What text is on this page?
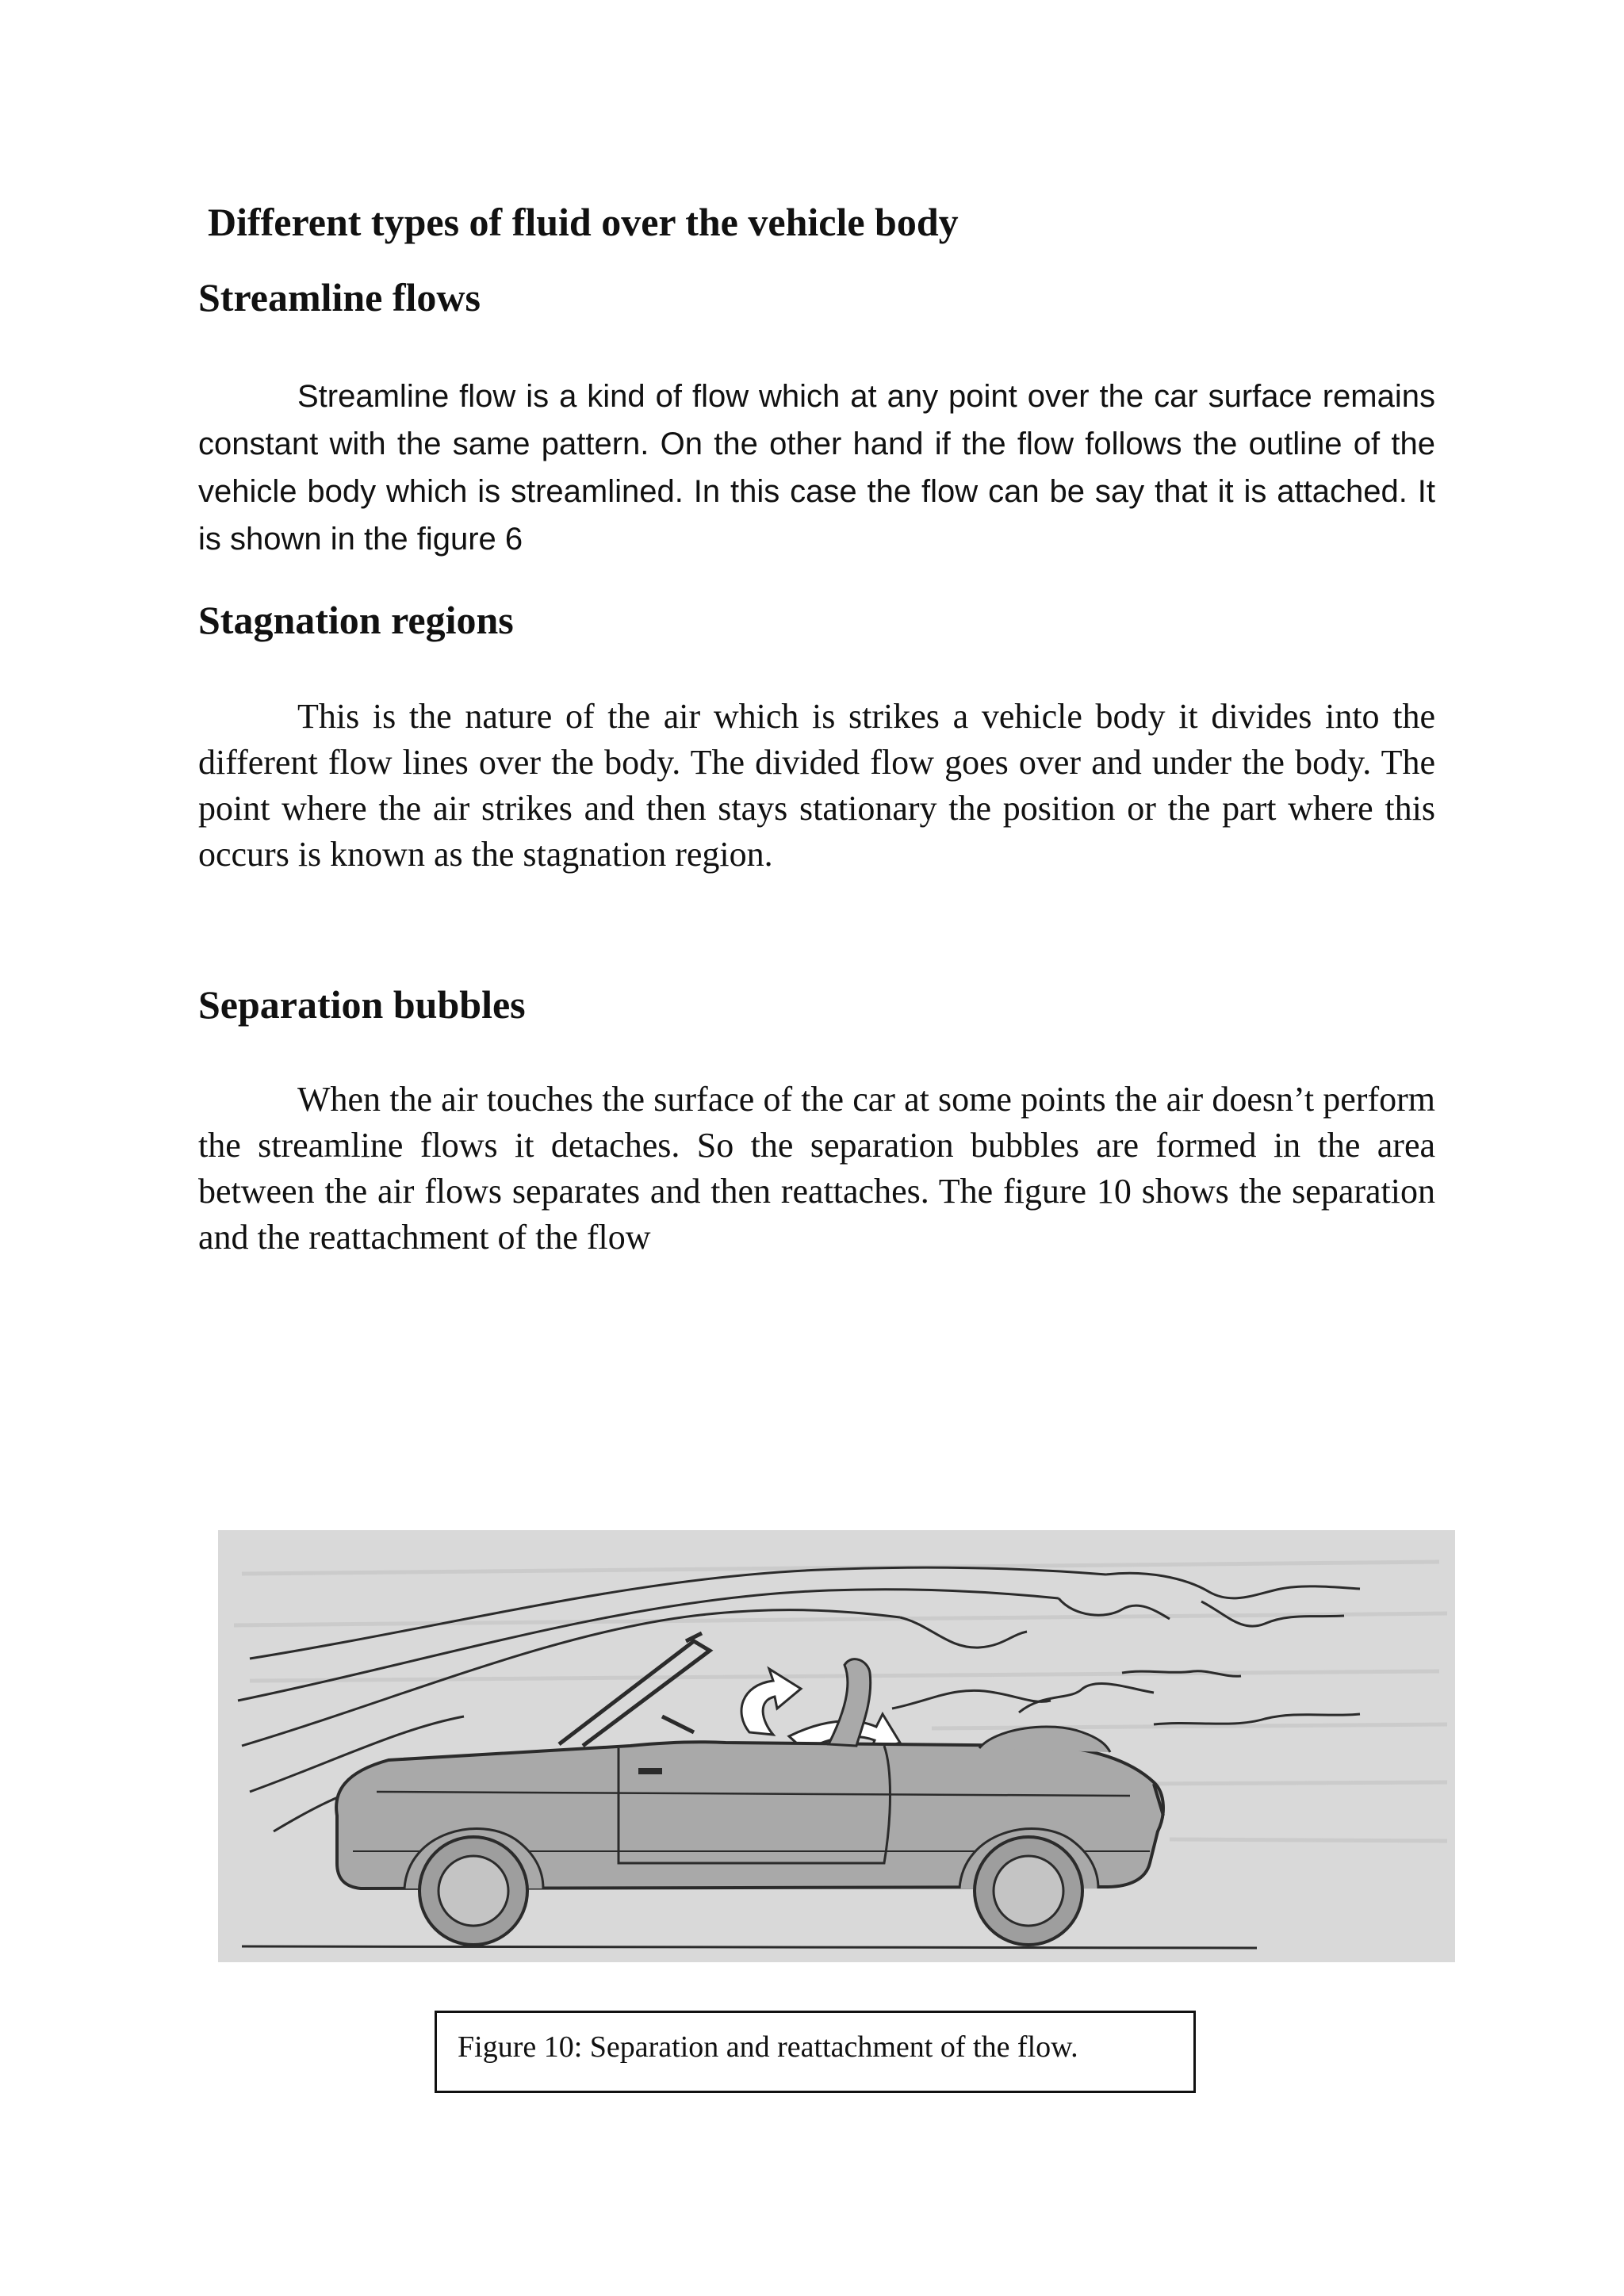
Different types of fluid over the vehicle body
Streamline flows

Streamline flow is a kind of flow which at any point over the car surface remains constant with the same pattern. On the other hand if the flow follows the outline of the vehicle body which is streamlined. In this case the flow can be say that it is attached. It is shown in the figure 6

Stagnation regions

This is the nature of the air which is strikes a vehicle body it divides into the different flow lines over the body. The divided flow goes over and under the body. The point where the air strikes and then stays stationary the position or the part where this occurs is known as the stagnation region.

Separation bubbles

When the air touches the surface of the car at some points the air doesn’t perform the streamline flows it detaches. So the separation bubbles are formed in the area between the air flows separates and then reattaches. The figure 10 shows the separation and the reattachment of the flow

Figure 10: Separation and reattachment of the flow.
